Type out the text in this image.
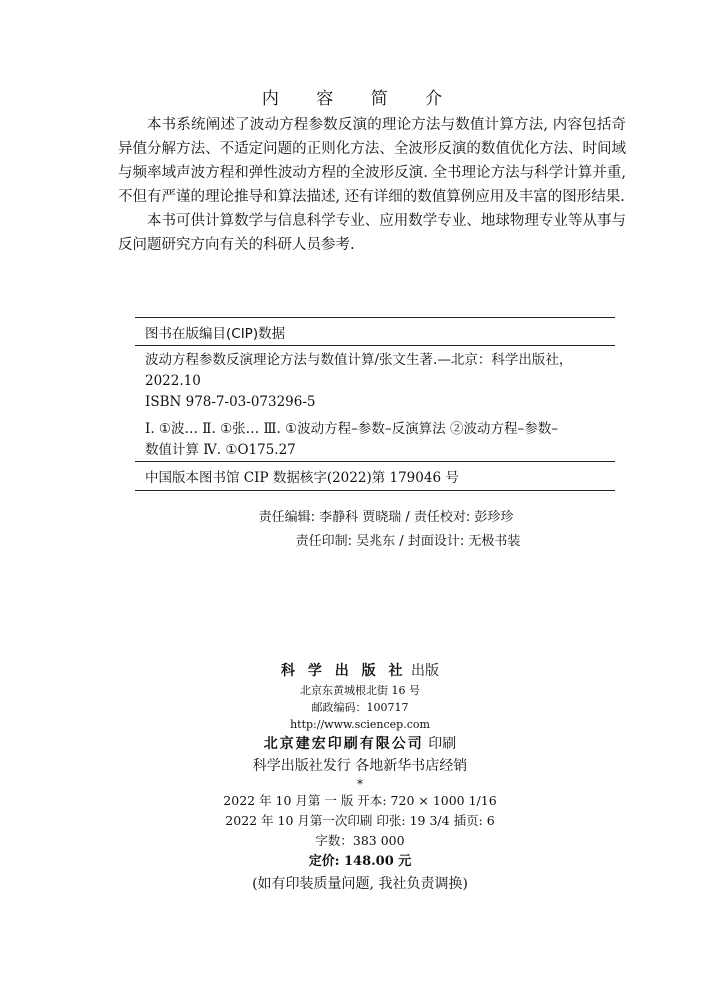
内 容 简 介

本书系统阐述了波动方程参数反演的理论方法与数值计算方法, 内容包括奇异值分解方法、不适定问题的正则化方法、全波形反演的数值优化方法、时间域与频率域声波方程和弹性波动方程的全波形反演. 全书理论方法与科学计算并重, 不但有严谨的理论推导和算法描述, 还有详细的数值算例应用及丰富的图形结果.

本书可供计算数学与信息科学专业、应用数学专业、地球物理专业等从事与反问题研究方向有关的科研人员参考.

图书在版编目(CIP)数据
波动方程参数反演理论方法与数值计算/张文生著.—北京：科学出版社，
2022.10
ISBN 978-7-03-073296-5
Ⅰ. ①波… Ⅱ. ①张… Ⅲ. ①波动方程–参数–反演算法 ②波动方程–参数–
数值计算 Ⅳ. ①O175.27
中国版本图书馆 CIP 数据核字(2022)第 179046 号
责任编辑: 李静科 贾晓瑞 / 责任校对: 彭珍珍
责任印制: 吴兆东 / 封面设计: 无极书装
科 学 出 版 社 出版
北京东黄城根北街 16 号
邮政编码：100717
http://www.sciencep.com
北京建宏印刷有限公司 印刷
科学出版社发行 各地新华书店经销
*
2022 年 10 月第 一 版 开本: 720 × 1000 1/16
2022 年 10 月第一次印刷 印张: 19 3/4 插页: 6
字数：383 000
定价: 148.00 元
(如有印装质量问题, 我社负责调换)
